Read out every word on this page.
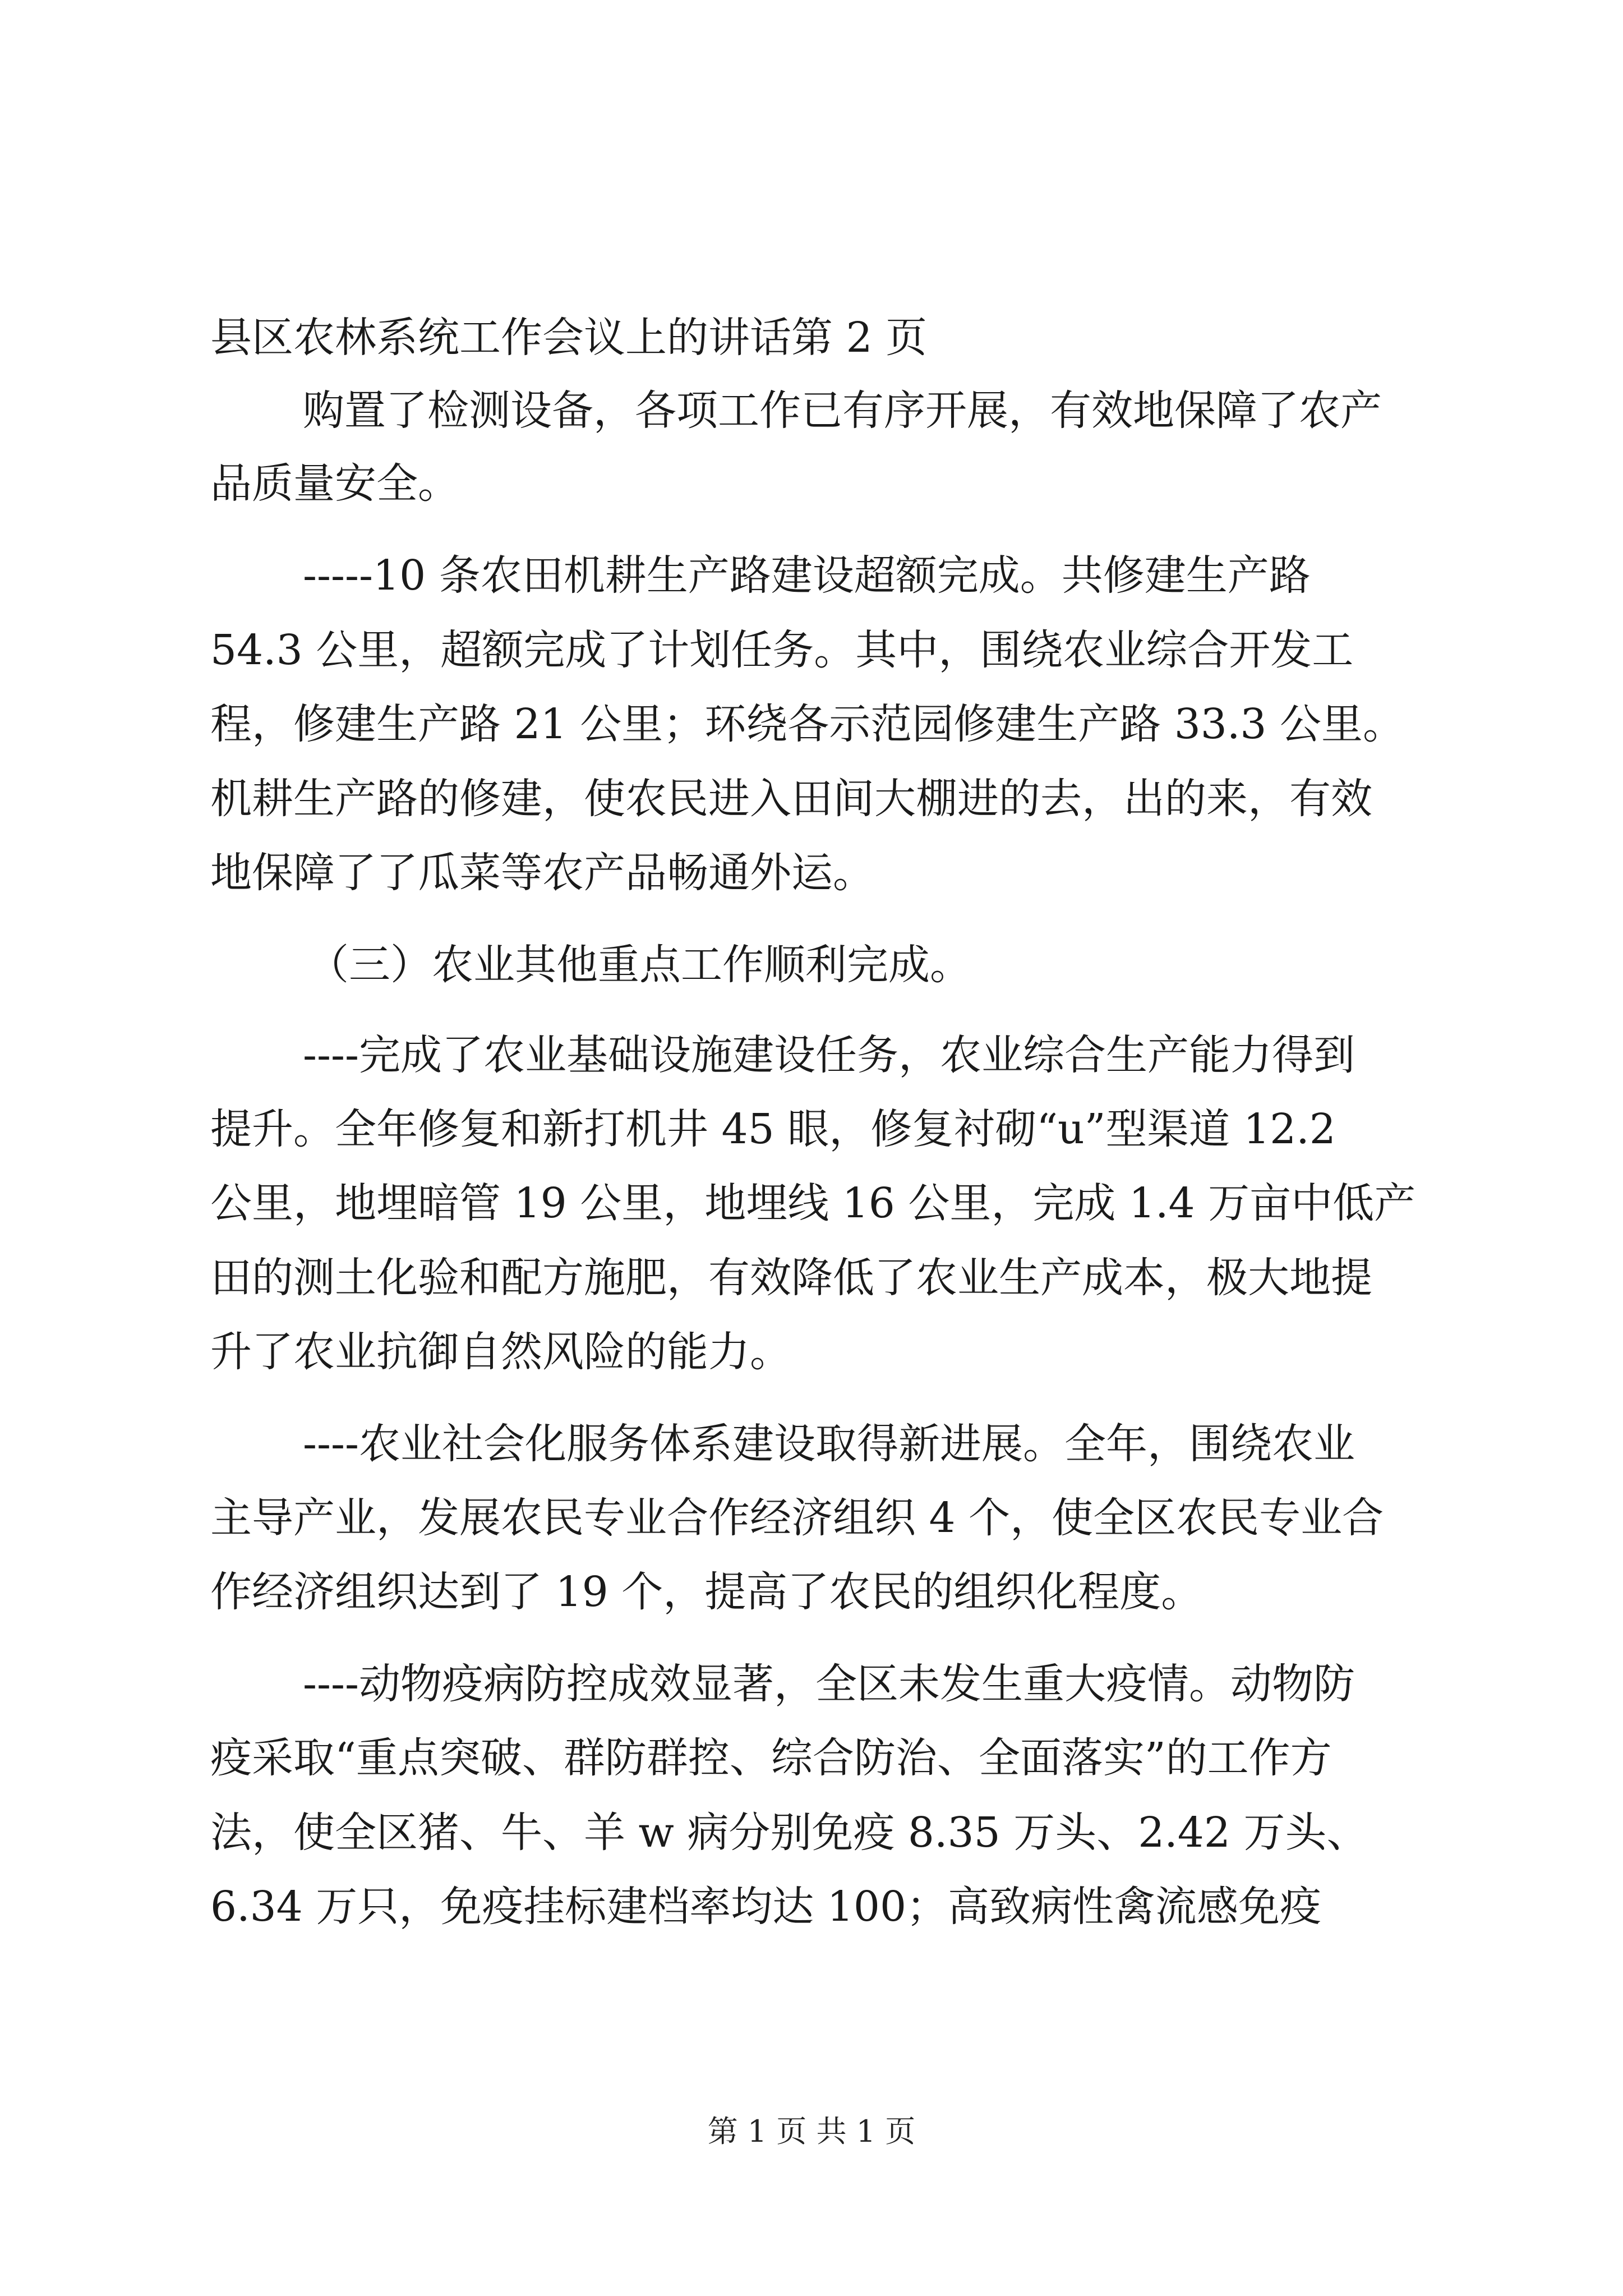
县区农林系统工作会议上的讲话第 2 页
购置了检测设备，各项工作已有序开展，有效地保障了农产
品质量安全。
-----10 条农田机耕生产路建设超额完成。共修建生产路
54.3 公里，超额完成了计划任务。其中，围绕农业综合开发工
程，修建生产路 21 公里；环绕各示范园修建生产路 33.3 公里。
机耕生产路的修建，使农民进入田间大棚进的去，出的来，有效
地保障了了瓜菜等农产品畅通外运。
（三）农业其他重点工作顺利完成。
----完成了农业基础设施建设任务，农业综合生产能力得到
提升。全年修复和新打机井 45 眼，修复衬砌“u”型渠道 12.2
公里，地埋暗管 19 公里，地埋线 16 公里，完成 1.4 万亩中低产
田的测土化验和配方施肥，有效降低了农业生产成本，极大地提
升了农业抗御自然风险的能力。
----农业社会化服务体系建设取得新进展。全年，围绕农业
主导产业，发展农民专业合作经济组织 4 个，使全区农民专业合
作经济组织达到了 19 个，提高了农民的组织化程度。
----动物疫病防控成效显著，全区未发生重大疫情。动物防
疫采取“重点突破、群防群控、综合防治、全面落实”的工作方
法，使全区猪、牛、羊 w 病分别免疫 8.35 万头、2.42 万头、
6.34 万只，免疫挂标建档率均达 100；高致病性禽流感免疫
第 1 页 共 1 页
